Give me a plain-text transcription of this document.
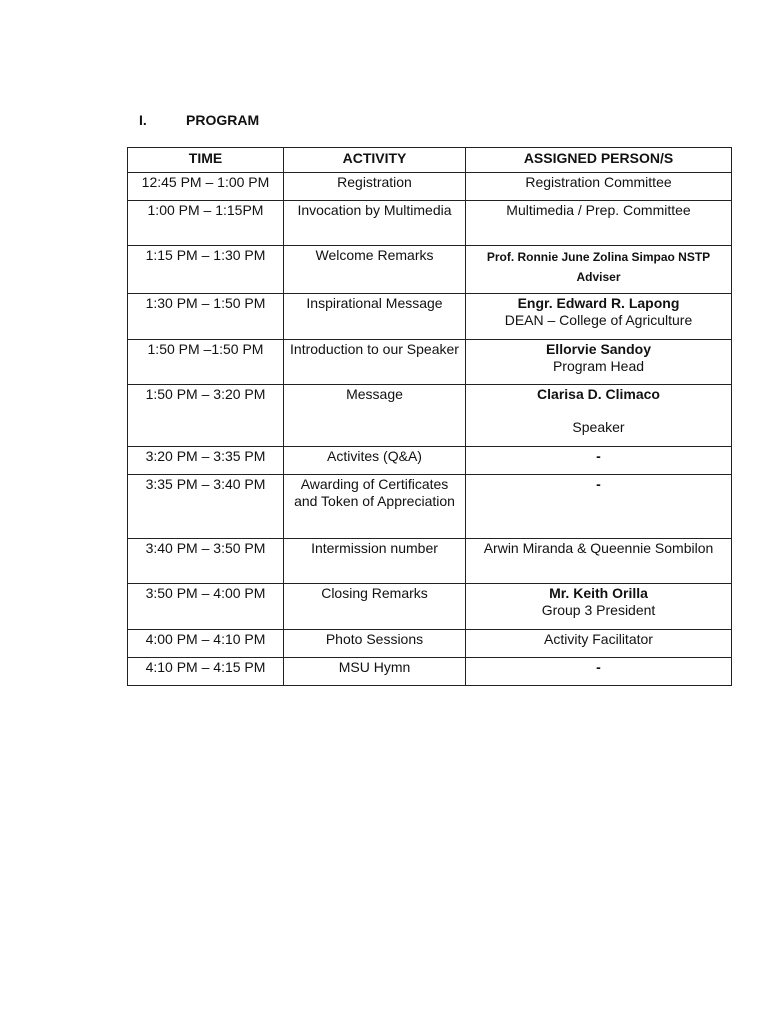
I.	PROGRAM
TIME	ACTIVITY	ASSIGNED PERSON/S
12:45 PM – 1:00 PM	Registration	Registration Committee
1:00 PM – 1:15PM	Invocation by Multimedia	Multimedia / Prep. Committee
1:15 PM – 1:30 PM	Welcome Remarks	Prof. Ronnie June Zolina Simpao NSTP Adviser

1:30 PM – 1:50 PM	Inspirational Message	Engr. Edward R. Lapong
DEAN – College of Agriculture

1:50 PM –1:50 PM	Introduction to our Speaker	Ellorvie Sandoy
Program Head

1:50 PM – 3:20 PM	Message	Clarisa D. Climaco
Speaker

3:20 PM – 3:35 PM	Activites (Q&A)	-
3:35 PM – 3:40 PM	Awarding of Certificates and Token of Appreciation	-
3:40 PM – 3:50 PM	Intermission number	Arwin Miranda & Queennie Sombilon
3:50 PM – 4:00 PM	Closing Remarks	Mr. Keith Orilla
Group 3 President

4:00 PM – 4:10 PM	Photo Sessions	Activity Facilitator
4:10 PM – 4:15 PM	MSU Hymn	-
